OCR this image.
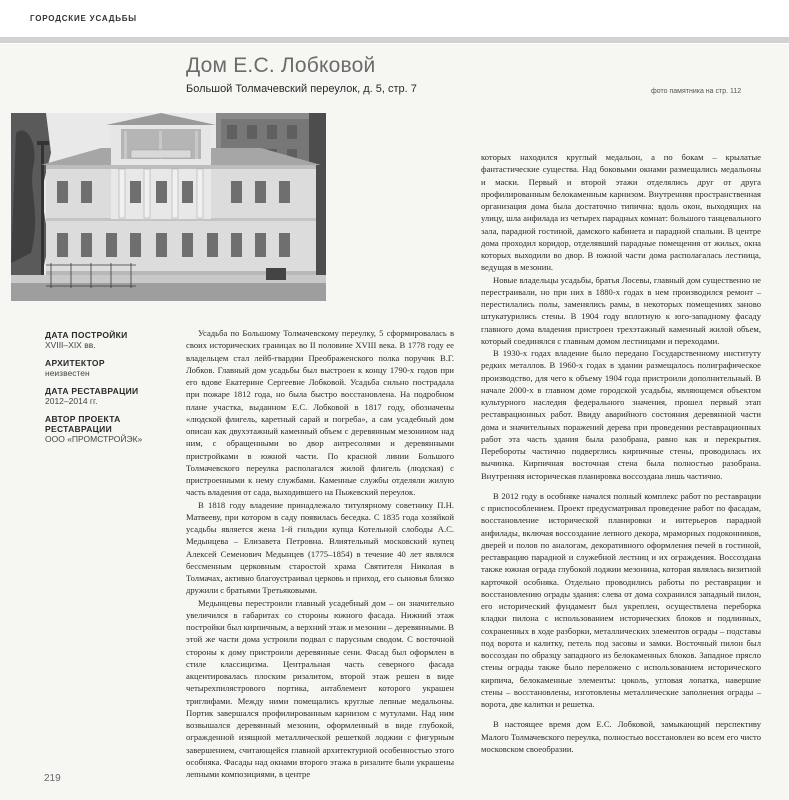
ГОРОДСКИЕ УСАДЬБЫ
Дом Е.С. Лобковой
Большой Толмачевский переулок, д. 5, стр. 7	фото памятника на стр. 112
ДАТА ПОСТРОЙКИ
XVIII–XIX вв.
АРХИТЕКТОР
неизвестен
ДАТА РЕСТАВРАЦИИ
2012–2014 гг.
АВТОР ПРОЕКТА РЕСТАВРАЦИИ
ООО «ПРОМСТРОЙЭК»

Усадьба по Большому Толмачевскому переулку, 5 сформировалась в своих исторических границах во II половине XVIII века. В 1778 году ее владельцем стал лейб-гвардии Преображенского полка поручик В.Г. Лобков. Главный дом усадьбы был выстроен к концу 1790-х годов при его вдове Екатерине Сергеевне Лобковой. Усадьба сильно пострадала при пожаре 1812 года, но была быстро восстановлена. На подробном плане участка, выданном Е.С. Лобковой в 1817 году, обозначены «людской флигель, каретный сарай и погреба», а сам усадебный дом описан как двухэтажный каменный объем с деревянным мезонином над ним, с обращенными во двор антресолями и деревянными пристройками в южной части. По красной линии Большого Толмачевского переулка располагался жилой флигель (людская) с пристроенными к нему службами. Каменные службы отделяли жилую часть владения от сада, выходившего на Пыжевский переулок.

В 1818 году владение принадлежало титулярному советнику П.Н. Матвееву, при котором в саду появилась беседка. С 1835 года хозяйкой усадьбы является жена 1-й гильдии купца Котельной слободы А.С. Медынцева – Елизавета Петровна. Влиятельный московский купец Алексей Семенович Медынцев (1775–1854) в течение 40 лет являлся бессменным церковным старостой храма Святителя Николая в Толмачах, активно благоустраивал церковь и приход, его сыновья близко дружили с братьями Третьяковыми.

Медынцевы перестроили главный усадебный дом – он значительно увеличился в габаритах со стороны южного фасада. Нижний этаж постройки был кирпичным, а верхний этаж и мезонин – деревянными. В этой же части дома устроили подвал с парусным сводом. С восточной стороны к дому пристроили деревянные сени. Фасад был оформлен в стиле классицизма. Центральная часть северного фасада акцентировалась плоским ризалитом, второй этаж решен в виде четырехпилястрового портика, антаблемент которого украшен триглифами. Между ними помещались круглые лепные медальоны. Портик завершался профилированным карнизом с мутулами. Над ним возвышался деревянный мезонин, оформленный в виде глубокой, огражденной изящной металлической решеткой лоджии с фигурным завершением, считающейся главной архитектурной особенностью этого особняка. Фасады над окнами второго этажа в ризалите были украшены лепными композициями, в центре

которых находился круглый медальон, а по бокам – крылатые фантастические существа. Над боковыми окнами размещались медальоны и маски. Первый и второй этажи отделялись друг от друга профилированным белокаменным карнизом. Внутренняя пространственная организация дома была достаточно типична: вдоль окон, выходящих на улицу, шла анфилада из четырех парадных комнат: большого танцевального зала, парадной гостиной, дамского кабинета и парадной спальни. В центре дома проходил коридор, отделявший парадные помещения от жилых, окна которых выходили во двор. В южной части дома располагалась лестница, ведущая в мезонин.

Новые владельцы усадьбы, братья Лосевы, главный дом существенно не перестраивали, но при них в 1880-х годах в нем производился ремонт – перестилались полы, заменялись рамы, в некоторых помещениях заново штукатурились стены. В 1904 году вплотную к юго-западному фасаду главного дома владения пристроен трехэтажный каменный жилой объем, который соединялся с главным домом лестницами и переходами.

В 1930-х годах владение было передано Государственному институту редких металлов. В 1960-х годах в здании размещалось полиграфическое производство, для чего к объему 1904 года пристроили дополнительный. В начале 2000-х в главном доме городской усадьбы, являющемся объектом культурного наследия федерального значения, прошел первый этап реставрационных работ. Ввиду аварийного состояния деревянной части дома и значительных поражений дерева при проведении реставрационных работ эта часть здания была разобрана, равно как и перекрытия. Перебороты частично подверглись кирпичные стены, проводилась их вычинка. Кирпичная восточная стена была полностью разобрана. Внутренняя историческая планировка воссоздана лишь частично.

В 2012 году в особняке начался полный комплекс работ по реставрации с приспособлением. Проект предусматривал проведение работ по фасадам, восстановление исторической планировки и интерьеров парадной анфилады, включая воссоздание лепного декора, мраморных подоконников, дверей и полов по аналогам, декоративного оформления печей в гостиной, реставрацию парадной и служебной лестниц и их ограждения. Воссоздана также южная ограда глубокой лоджии мезонина, которая являлась визитной карточкой особняка. Отдельно проводились работы по реставрации и восстановлению ограды здания: слева от дома сохранился западный пилон, его исторический фундамент был укреплен, осуществлена переборка кладки пилона с использованием исторических блоков и подлинных, сохраненных в ходе разборки, металлических элементов ограды – подставы под ворота и калитку, петель под засовы и замки. Восточный пилон был воссоздан по образцу западного из белокаменных блоков. Западное прясло стены ограды также было переложено с использованием исторического кирпича, белокаменные элементы: цоколь, угловая лопатка, навершие стены – восстановлены, изготовлены металлические заполнения ограды – ворота, две калитки и решетка.

В настоящее время дом Е.С. Лобковой, замыкающий перспективу Малого Толмачевского переулка, полностью восстановлен во всем его чисто московском своеобразии.

219
